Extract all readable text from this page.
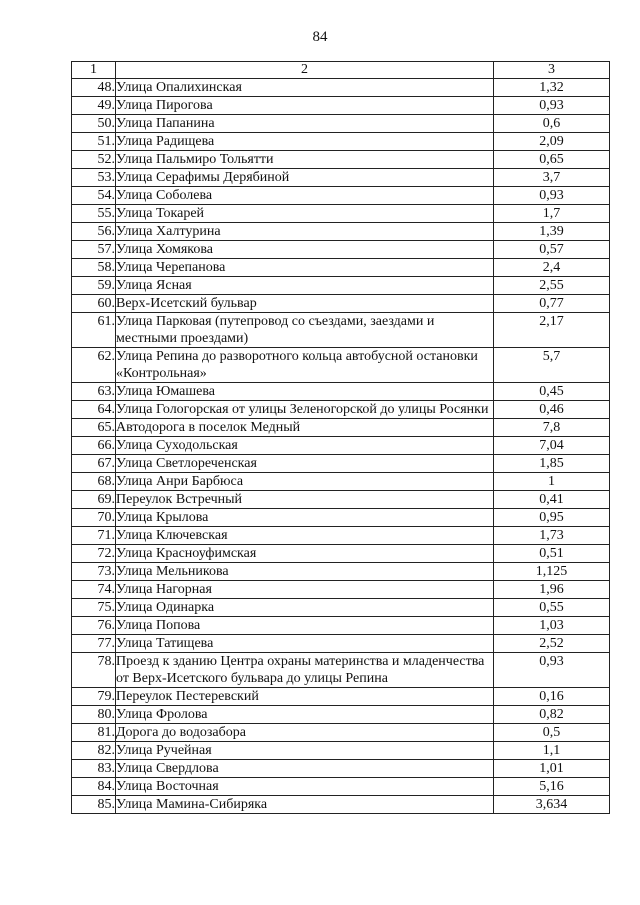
84
1	2	3
48.	Улица Опалихинская	1,32
49.	Улица Пирогова	0,93
50.	Улица Папанина	0,6
51.	Улица Радищева	2,09
52.	Улица Пальмиро Тольятти	0,65
53.	Улица Серафимы Дерябиной	3,7
54.	Улица Соболева	0,93
55.	Улица Токарей	1,7
56.	Улица Халтурина	1,39
57.	Улица Хомякова	0,57
58.	Улица Черепанова	2,4
59.	Улица Ясная	2,55
60.	Верх-Исетский бульвар	0,77
61.	Улица Парковая (путепровод со съездами, заездами и местными проездами)	2,17
62.	Улица Репина до разворотного кольца автобусной остановки «Контрольная»	5,7
63.	Улица Юмашева	0,45
64.	Улица Гологорская от улицы Зеленогорской до улицы Росянки	0,46
65.	Автодорога в поселок Медный	7,8
66.	Улица Суходольская	7,04
67.	Улица Светлореченская	1,85
68.	Улица Анри Барбюса	1
69.	Переулок Встречный	0,41
70.	Улица Крылова	0,95
71.	Улица Ключевская	1,73
72.	Улица Красноуфимская	0,51
73.	Улица Мельникова	1,125
74.	Улица Нагорная	1,96
75.	Улица Одинарка	0,55
76.	Улица Попова	1,03
77.	Улица Татищева	2,52
78.	Проезд к зданию Центра охраны материнства и младенчества от Верх-Исетского бульвара до улицы Репина	0,93
79.	Переулок Пестеревский	0,16
80.	Улица Фролова	0,82
81.	Дорога до водозабора	0,5
82.	Улица Ручейная	1,1
83.	Улица Свердлова	1,01
84.	Улица Восточная	5,16
85.	Улица Мамина-Сибиряка	3,634
